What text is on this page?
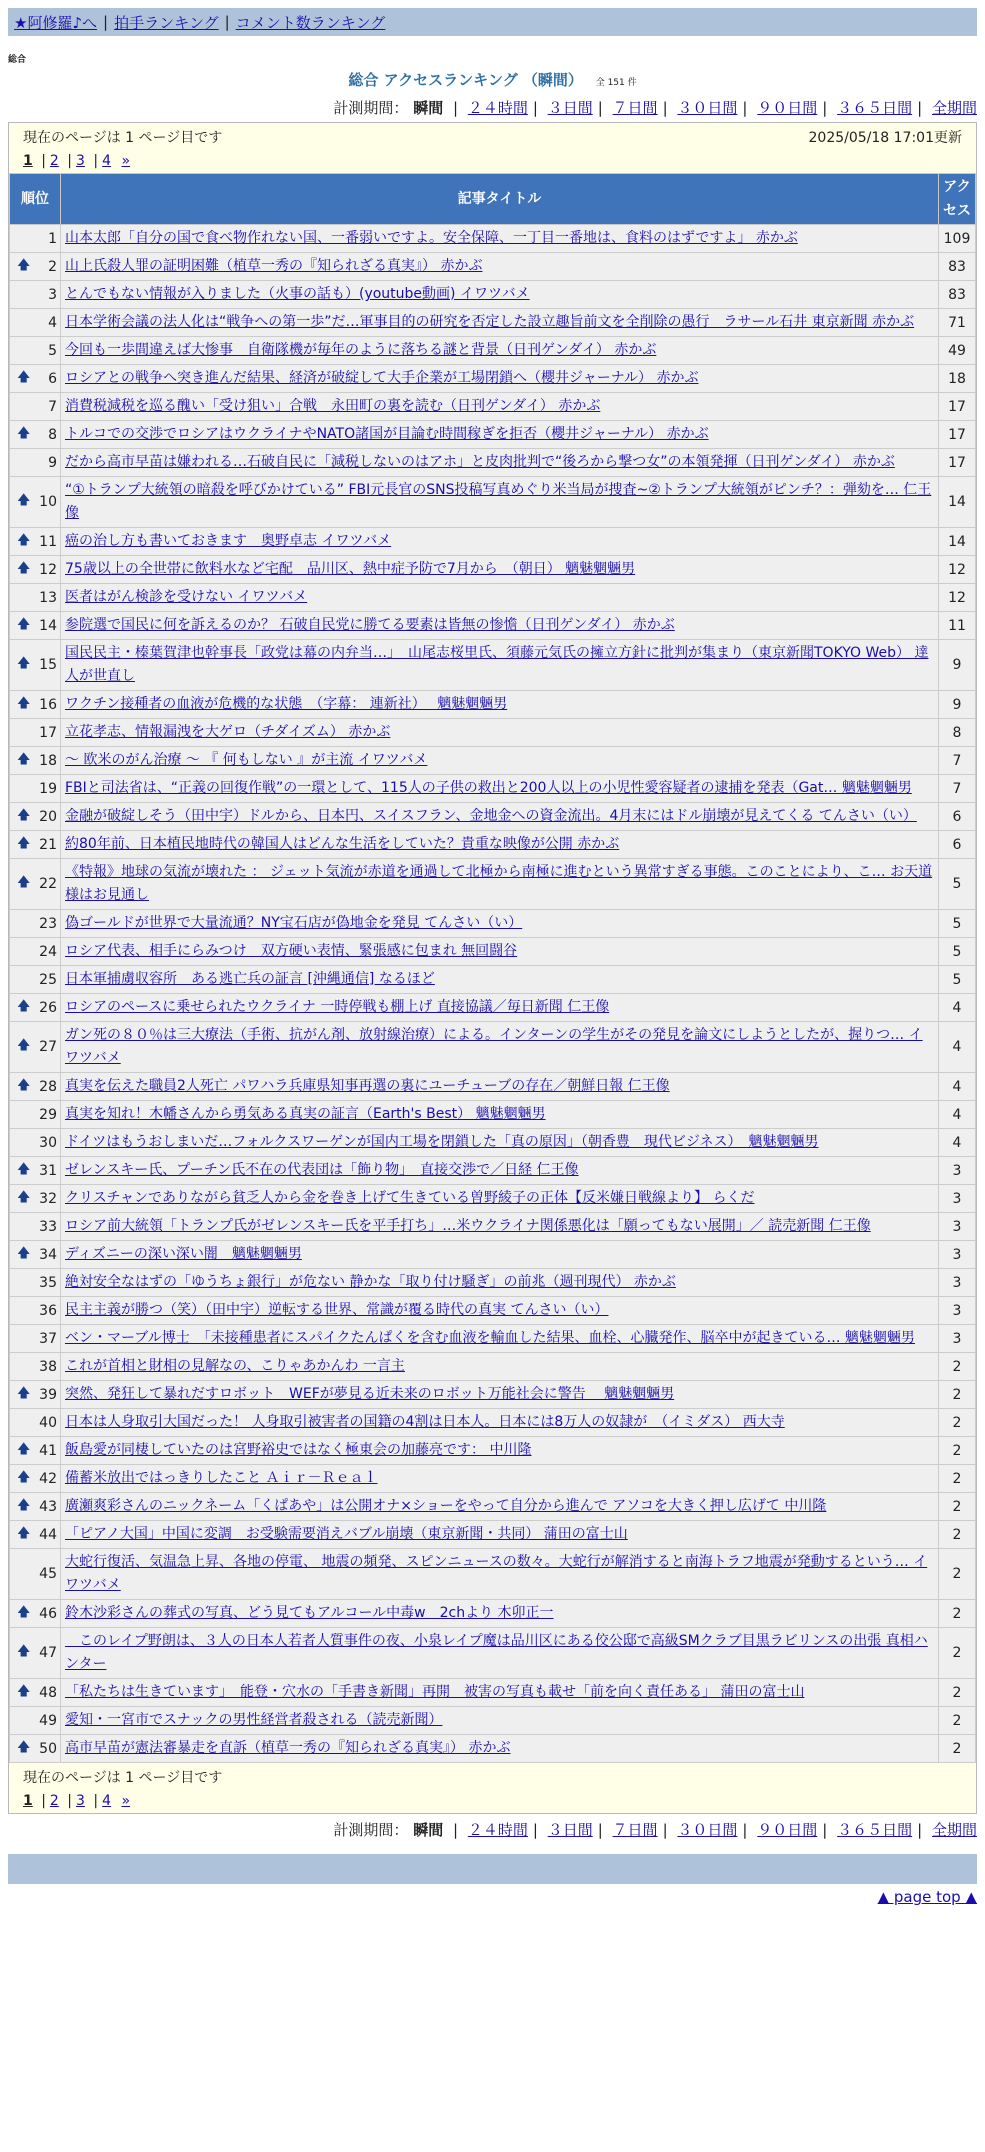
★阿修羅♪へ | 拍手ランキング | コメント数ランキング
総合
総合 アクセスランキング （瞬間） 全 151 件
計測期間： 瞬間 | ２４時間 | ３日間 | ７日間 | ３０日間 | ９０日間 | ３６５日間 | 全期間
現在のページは 1 ページ目です	2025/05/18 17:01更新
1 | 2 | 3 | 4 »
順位	記事タイトル	アクセス
1	山本太郎「自分の国で食べ物作れない国、一番弱いですよ。安全保障、一丁目一番地は、食料のはずですよ」 赤かぶ	109

🡅 2	山上氏殺人罪の証明困難（植草一秀の『知られざる真実』） 赤かぶ	83
3	とんでもない情報が入りました（火事の話も）(youtube動画) イワツバメ	83
4	日本学術会議の法人化は“戦争への第一歩”だ…軍事目的の研究を否定した設立趣旨前文を全削除の愚行　ラサール石井 東京新聞 赤かぶ	71
5	今回も一歩間違えば大惨事　自衛隊機が毎年のように落ちる謎と背景（日刊ゲンダイ） 赤かぶ	49

🡅 6	ロシアとの戦争へ突き進んだ結果、経済が破綻して大手企業が工場閉鎖へ（櫻井ジャーナル） 赤かぶ	18
7	消費税減税を巡る醜い「受け狙い」合戦　永田町の裏を読む（日刊ゲンダイ） 赤かぶ	17

🡅 8	トルコでの交渉でロシアはウクライナやNATO諸国が目論む時間稼ぎを拒否（櫻井ジャーナル） 赤かぶ	17
9	だから高市早苗は嫌われる…石破自民に「減税しないのはアホ」と皮肉批判で“後ろから撃つ女”の本領発揮（日刊ゲンダイ） 赤かぶ	17

🡅 10	“①トランプ大統領の暗殺を呼びかけている” FBI元長官のSNS投稿写真めぐり米当局が捜査~②トランプ大統領がピンチ？：弾劾を… 仁王像	14

🡅 11	癌の治し方も書いておきます　奥野卓志 イワツバメ	14

🡅 12	75歳以上の全世帯に飲料水など宅配　品川区、熱中症予防で7月から　（朝日） 魑魅魍魎男	12
13	医者はがん検診を受けない イワツバメ	12

🡅 14	参院選で国民に何を訴えるのか？ 石破自民党に勝てる要素は皆無の惨憺（日刊ゲンダイ） 赤かぶ	11

🡅 15	国民民主・榛葉賀津也幹事長「政党は幕の内弁当…」　山尾志桜里氏、須藤元気氏の擁立方針に批判が集まり（東京新聞TOKYO Web） 達人が世直し	9

🡅 16	ワクチン接種者の血液が危機的な状態　（字幕： 連新社）　 魑魅魍魎男	9
17	立花孝志、情報漏洩を大ゲロ（チダイズム） 赤かぶ	8

🡅 18	～ 欧米のがん治療 ～ 『 何もしない 』が主流 イワツバメ	7
19	FBIと司法省は、“正義の回復作戦”の一環として、115人の子供の救出と200人以上の小児性愛容疑者の逮捕を発表（Gat… 魑魅魍魎男	7

🡅 20	金融が破綻しそう（田中宇）ドルから、日本円、スイスフラン、金地金への資金流出。4月末にはドル崩壊が見えてくる てんさい（い）	6

🡅 21	約80年前、日本植民地時代の韓国人はどんな生活をしていた？貴重な映像が公開 赤かぶ	6

🡅 22	《特報》地球の気流が壊れた ： ジェット気流が赤道を通過して北極から南極に進むという異常すぎる事態。このことにより、こ… お天道様はお見通し	5
23	偽ゴールドが世界で大量流通？NY宝石店が偽地金を発見 てんさい（い）	5
24	ロシア代表、相手にらみつけ　双方硬い表情、緊張感に包まれ 無回闘谷	5
25	日本軍捕虜収容所　ある逃亡兵の証言 [沖縄通信] なるほど	5

🡅 26	ロシアのペースに乗せられたウクライナ 一時停戦も棚上げ 直接協議／毎日新聞 仁王像	4

🡅 27	ガン死の８０％は三大療法（手術、抗がん剤、放射線治療）による。インターンの学生がその発見を論文にしようとしたが、握りつ… イワツバメ	4

🡅 28	真実を伝えた職員2人死亡 パワハラ兵庫県知事再選の裏にユーチューブの存在／朝鮮日報 仁王像	4
29	真実を知れ！木幡さんから勇気ある真実の証言（Earth's Best） 魑魅魍魎男	4
30	ドイツはもうおしまいだ…フォルクスワーゲンが国内工場を閉鎖した「真の原因」（朝香豊　現代ビジネス）　魑魅魍魎男	4

🡅 31	ゼレンスキー氏、プーチン氏不在の代表団は「飾り物」　直接交渉で／日経 仁王像	3

🡅 32	クリスチャンでありながら貧乏人から金を巻き上げて生きている曽野綾子の正体【反米嫌日戦線より】 らくだ	3
33	ロシア前大統領「トランプ氏がゼレンスキー氏を平手打ち」…米ウクライナ関係悪化は「願ってもない展開」／ 読売新聞 仁王像	3

🡅 34	ディズニーの深い深い闇　魑魅魍魎男	3
35	絶対安全なはずの「ゆうちょ銀行」が危ない 静かな「取り付け騒ぎ」の前兆（週刊現代） 赤かぶ	3
36	民主主義が勝つ（笑）（田中宇）逆転する世界、常識が覆る時代の真実 てんさい（い）	3
37	ベン・マーブル博士　「未接種患者にスパイクたんぱくを含む血液を輸血した結果、血栓、心臓発作、脳卒中が起きている… 魑魅魍魎男	3
38	これが首相と財相の見解なの、こりゃあかんわ 一言主	2

🡅 39	突然、発狂して暴れだすロボット　WEFが夢見る近未来のロボット万能社会に警告　 魑魅魍魎男	2
40	日本は人身取引大国だった！ 人身取引被害者の国籍の4割は日本人。日本には8万人の奴隷が　（イミダス） 西大寺	2

🡅 41	飯島愛が同棲していたのは宮野裕史ではなく極東会の加藤亮です： 中川隆	2

🡅 42	備蓄米放出ではっきりしたこと Ａｉｒ－Ｒｅａｌ	2

🡅 43	廣瀬爽彩さんのニックネーム「くぱあや」は公開オナ×ショーをやって自分から進んで アソコを大きく押し広げて 中川隆	2

🡅 44	「ピアノ大国」中国に変調　お受験需要消えバブル崩壊（東京新聞・共同） 蒲田の富士山	2
45	大蛇行復活、気温急上昇、各地の停電、 地震の頻発、スピンニュースの数々。大蛇行が解消すると南海トラフ地震が発動するという… イワツバメ	2

🡅 46	鈴木沙彩さんの葬式の写真、どう見てもアルコール中毒w　2chより 木卯正一	2

🡅 47	　このレイプ野朗は、３人の日本人若者人質事件の夜、小泉レイプ魔は品川区にある佼公邸で高級SMクラブ目黒ラビリンスの出張 真相ハンター	2

🡅 48	「私たちは生きています」　能登・穴水の「手書き新聞」再開　被害の写真も載せ「前を向く責任ある」 蒲田の富士山	2
49	愛知・一宮市でスナックの男性経営者殺される（読売新聞）	2

🡅 50	高市早苗が憲法審暴走を直訴（植草一秀の『知られざる真実』） 赤かぶ	2
現在のページは 1 ページ目です
1 | 2 | 3 | 4 »
計測期間： 瞬間 | ２４時間 | ３日間 | ７日間 | ３０日間 | ９０日間 | ３６５日間 | 全期間
▲ page top ▲
